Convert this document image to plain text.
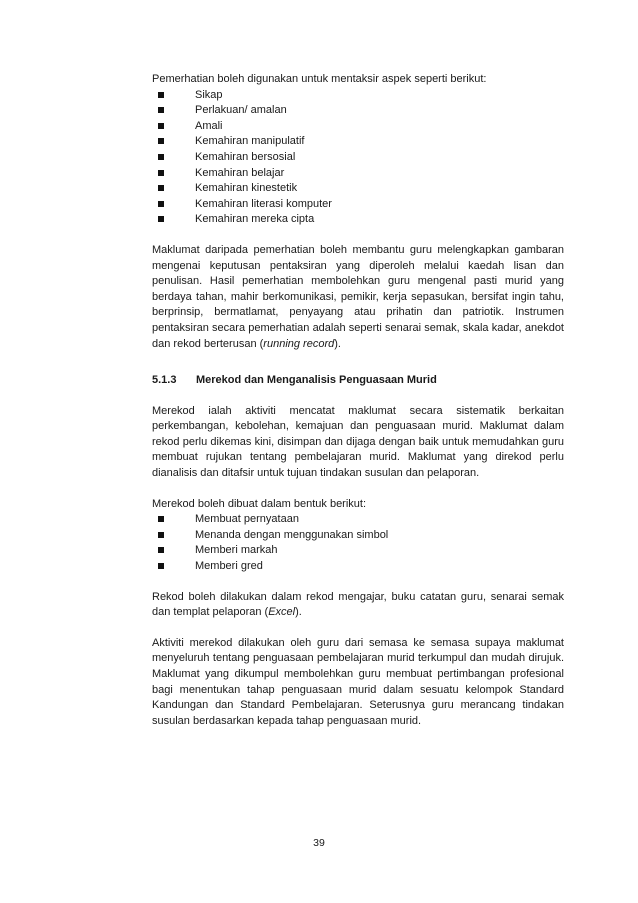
Pemerhatian boleh digunakan untuk mentaksir aspek seperti berikut:

Sikap
Perlakuan/ amalan
Amali
Kemahiran manipulatif
Kemahiran bersosial
Kemahiran belajar
Kemahiran kinestetik
Kemahiran literasi komputer
Kemahiran mereka cipta

Maklumat daripada pemerhatian boleh membantu guru melengkapkan gambaran mengenai keputusan pentaksiran yang diperoleh melalui kaedah lisan dan penulisan. Hasil pemerhatian membolehkan guru mengenal pasti murid yang berdaya tahan, mahir berkomunikasi, pemikir, kerja sepasukan, bersifat ingin tahu, berprinsip, bermatlamat, penyayang atau prihatin dan patriotik. Instrumen pentaksiran secara pemerhatian adalah seperti senarai semak, skala kadar, anekdot dan rekod berterusan (running record).

5.1.3 Merekod dan Menganalisis Penguasaan Murid

Merekod ialah aktiviti mencatat maklumat secara sistematik berkaitan perkembangan, kebolehan, kemajuan dan penguasaan murid. Maklumat dalam rekod perlu dikemas kini, disimpan dan dijaga dengan baik untuk memudahkan guru membuat rujukan tentang pembelajaran murid. Maklumat yang direkod perlu dianalisis dan ditafsir untuk tujuan tindakan susulan dan pelaporan.

Merekod boleh dibuat dalam bentuk berikut:

Membuat pernyataan
Menanda dengan menggunakan simbol
Memberi markah
Memberi gred

Rekod boleh dilakukan dalam rekod mengajar, buku catatan guru, senarai semak dan templat pelaporan (Excel).

Aktiviti merekod dilakukan oleh guru dari semasa ke semasa supaya maklumat menyeluruh tentang penguasaan pembelajaran murid terkumpul dan mudah dirujuk. Maklumat yang dikumpul membolehkan guru membuat pertimbangan profesional bagi menentukan tahap penguasaan murid dalam sesuatu kelompok Standard Kandungan dan Standard Pembelajaran. Seterusnya guru merancang tindakan susulan berdasarkan kepada tahap penguasaan murid.

39
